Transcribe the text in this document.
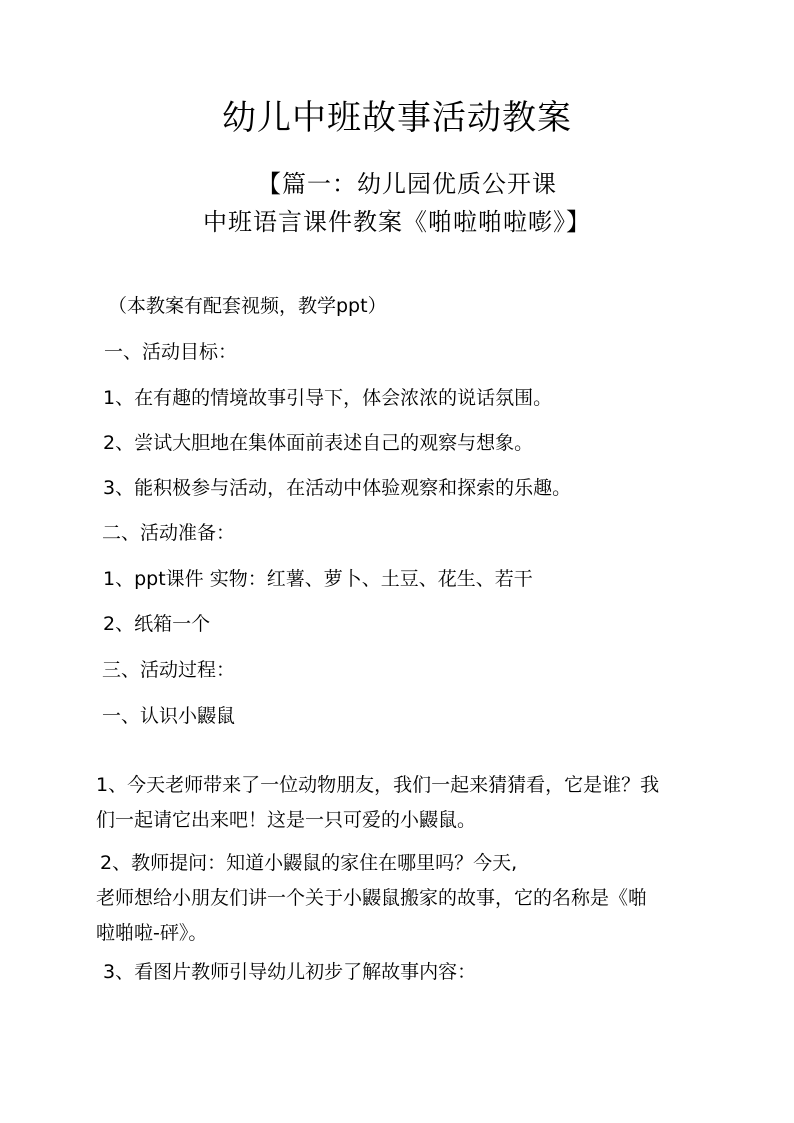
幼儿中班故事活动教案
【篇一：幼儿园优质公开课
中班语言课件教案《啪啦啪啦嘭》】
（本教案有配套视频，教学ppt）
一、活动目标：
1、在有趣的情境故事引导下，体会浓浓的说话氛围。
2、尝试大胆地在集体面前表述自己的观察与想象。
3、能积极参与活动，在活动中体验观察和探索的乐趣。
二、活动准备：
1、ppt课件 实物：红薯、萝卜、土豆、花生、若干
2、纸箱一个
三、活动过程：
一、认识小鼹鼠

1、今天老师带来了一位动物朋友，我们一起来猜猜看，它是谁？我

们一起请它出来吧！这是一只可爱的小鼹鼠。

2、教师提问：知道小鼹鼠的家住在哪里吗？今天,

老师想给小朋友们讲一个关于小鼹鼠搬家的故事，它的名称是《啪

啦啪啦-砰》。

3、看图片教师引导幼儿初步了解故事内容：
